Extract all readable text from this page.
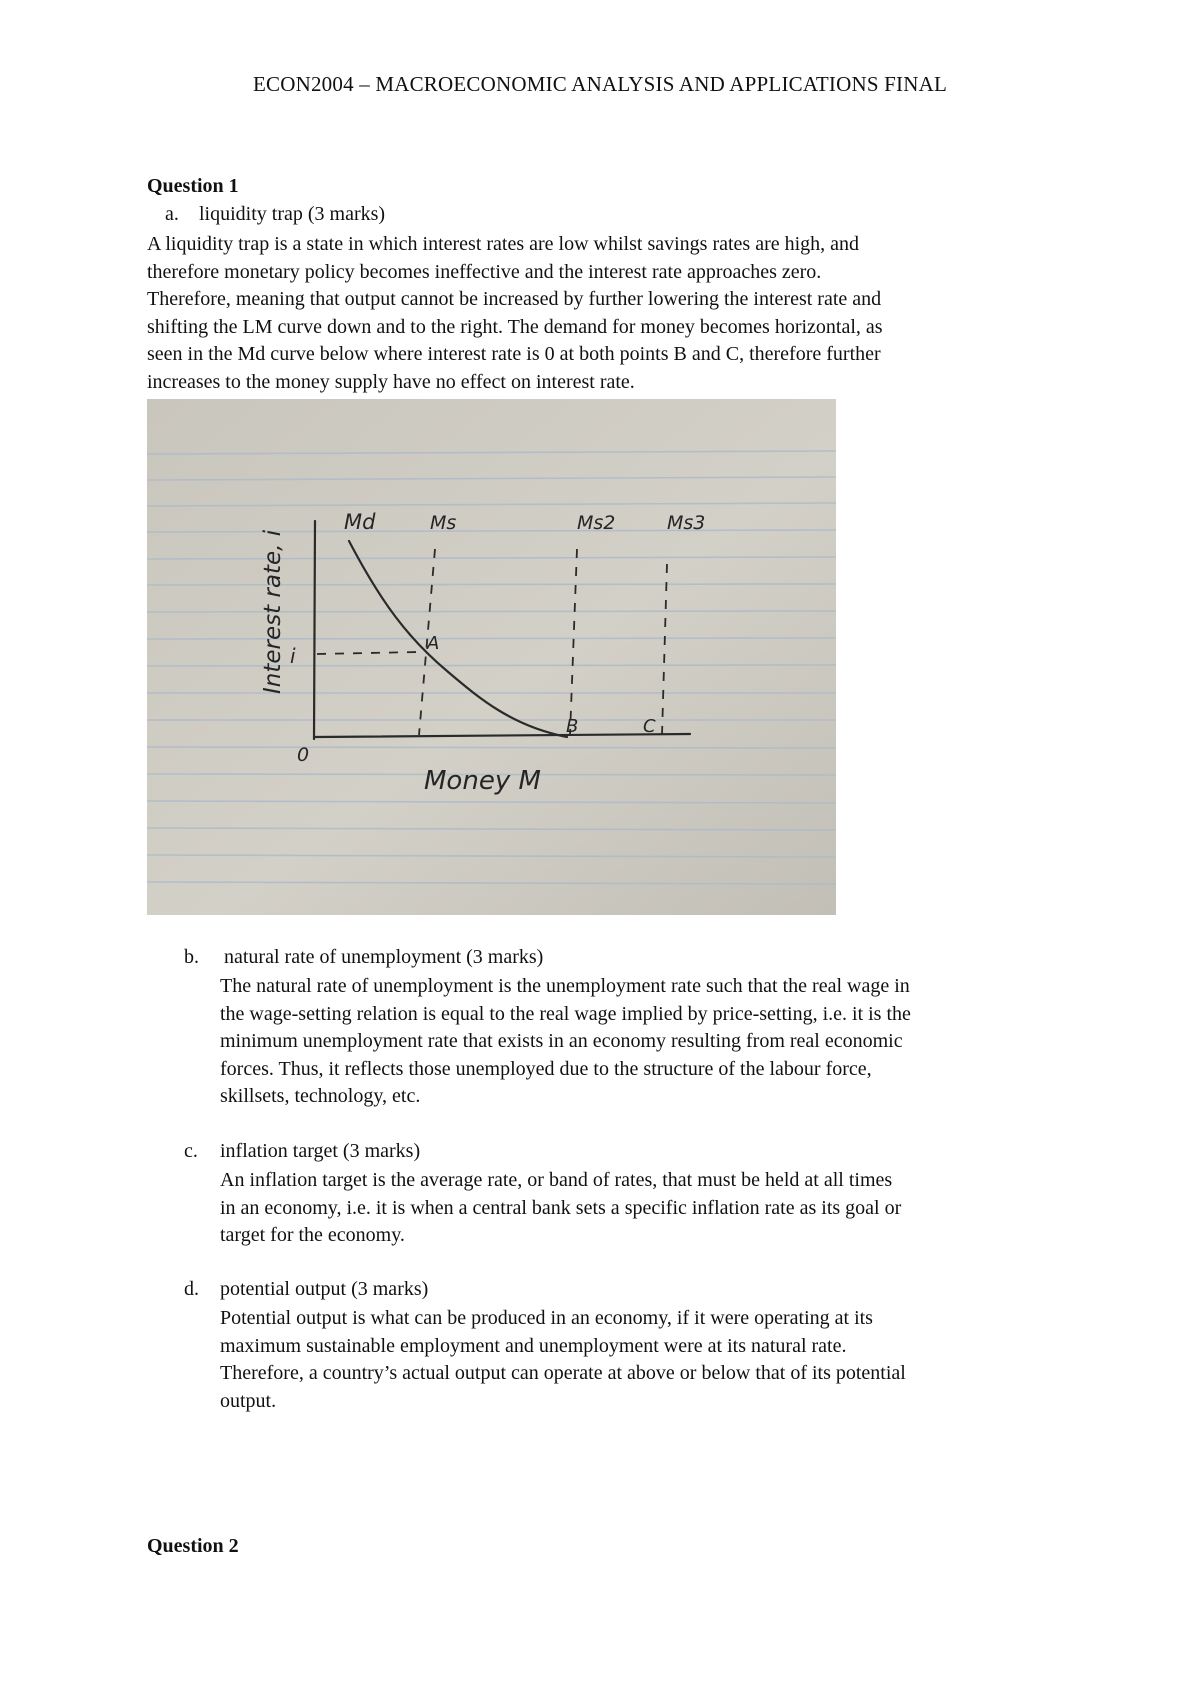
ECON2004 – MACROECONOMIC ANALYSIS AND APPLICATIONS FINAL
Question 1
a. liquidity trap (3 marks)
A liquidity trap is a state in which interest rates are low whilst savings rates are high, and
therefore monetary policy becomes ineffective and the interest rate approaches zero.
Therefore, meaning that output cannot be increased by further lowering the interest rate and
shifting the LM curve down and to the right. The demand for money becomes horizontal, as
seen in the Md curve below where interest rate is 0 at both points B and C, therefore further
increases to the money supply have no effect on interest rate.
Interest rate, i i
0
Money M
Md	Ms	Ms2	Ms3
A
B	C
b. natural rate of unemployment (3 marks)
The natural rate of unemployment is the unemployment rate such that the real wage in
the wage-setting relation is equal to the real wage implied by price-setting, i.e. it is the
minimum unemployment rate that exists in an economy resulting from real economic
forces. Thus, it reflects those unemployed due to the structure of the labour force,
skillsets, technology, etc.
c. inflation target (3 marks)
An inflation target is the average rate, or band of rates, that must be held at all times
in an economy, i.e. it is when a central bank sets a specific inflation rate as its goal or
target for the economy.
d. potential output (3 marks)
Potential output is what can be produced in an economy, if it were operating at its
maximum sustainable employment and unemployment were at its natural rate.
Therefore, a country’s actual output can operate at above or below that of its potential
output.
Question 2
